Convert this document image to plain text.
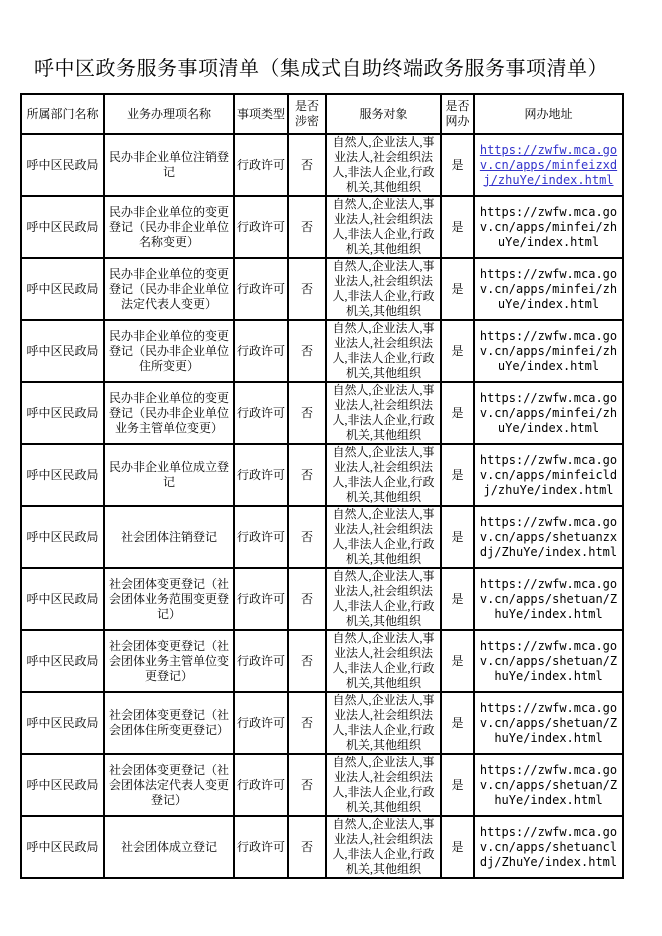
呼中区政务服务事项清单（集成式自助终端政务服务事项清单）
所属部门名称	业务办理项名称	事项类型	是否涉密	服务对象	是否网办	网办地址
呼中区民政局	民办非企业单位注销登记	行政许可	否	自然人,企业法人,事业法人,社会组织法人,非法人企业,行政机关,其他组织	是	https://zwfw.mca.gov.cn/apps/minfeizxdj/zhuYe/index.html
呼中区民政局	民办非企业单位的变更登记（民办非企业单位名称变更）	行政许可	否	自然人,企业法人,事业法人,社会组织法人,非法人企业,行政机关,其他组织	是	https://zwfw.mca.gov.cn/apps/minfei/zhuYe/index.html
呼中区民政局	民办非企业单位的变更登记（民办非企业单位法定代表人变更）	行政许可	否	自然人,企业法人,事业法人,社会组织法人,非法人企业,行政机关,其他组织	是	https://zwfw.mca.gov.cn/apps/minfei/zhuYe/index.html
呼中区民政局	民办非企业单位的变更登记（民办非企业单位住所变更）	行政许可	否	自然人,企业法人,事业法人,社会组织法人,非法人企业,行政机关,其他组织	是	https://zwfw.mca.gov.cn/apps/minfei/zhuYe/index.html
呼中区民政局	民办非企业单位的变更登记（民办非企业单位业务主管单位变更）	行政许可	否	自然人,企业法人,事业法人,社会组织法人,非法人企业,行政机关,其他组织	是	https://zwfw.mca.gov.cn/apps/minfei/zhuYe/index.html
呼中区民政局	民办非企业单位成立登记	行政许可	否	自然人,企业法人,事业法人,社会组织法人,非法人企业,行政机关,其他组织	是	https://zwfw.mca.gov.cn/apps/minfeicldj/zhuYe/index.html
呼中区民政局	社会团体注销登记	行政许可	否	自然人,企业法人,事业法人,社会组织法人,非法人企业,行政机关,其他组织	是	https://zwfw.mca.gov.cn/apps/shetuanzxdj/ZhuYe/index.html
呼中区民政局	社会团体变更登记（社会团体业务范围变更登记）	行政许可	否	自然人,企业法人,事业法人,社会组织法人,非法人企业,行政机关,其他组织	是	https://zwfw.mca.gov.cn/apps/shetuan/ZhuYe/index.html
呼中区民政局	社会团体变更登记（社会团体业务主管单位变更登记）	行政许可	否	自然人,企业法人,事业法人,社会组织法人,非法人企业,行政机关,其他组织	是	https://zwfw.mca.gov.cn/apps/shetuan/ZhuYe/index.html
呼中区民政局	社会团体变更登记（社会团体住所变更登记）	行政许可	否	自然人,企业法人,事业法人,社会组织法人,非法人企业,行政机关,其他组织	是	https://zwfw.mca.gov.cn/apps/shetuan/ZhuYe/index.html
呼中区民政局	社会团体变更登记（社会团体法定代表人变更登记）	行政许可	否	自然人,企业法人,事业法人,社会组织法人,非法人企业,行政机关,其他组织	是	https://zwfw.mca.gov.cn/apps/shetuan/ZhuYe/index.html
呼中区民政局	社会团体成立登记	行政许可	否	自然人,企业法人,事业法人,社会组织法人,非法人企业,行政机关,其他组织	是	https://zwfw.mca.gov.cn/apps/shetuancldj/ZhuYe/index.html
